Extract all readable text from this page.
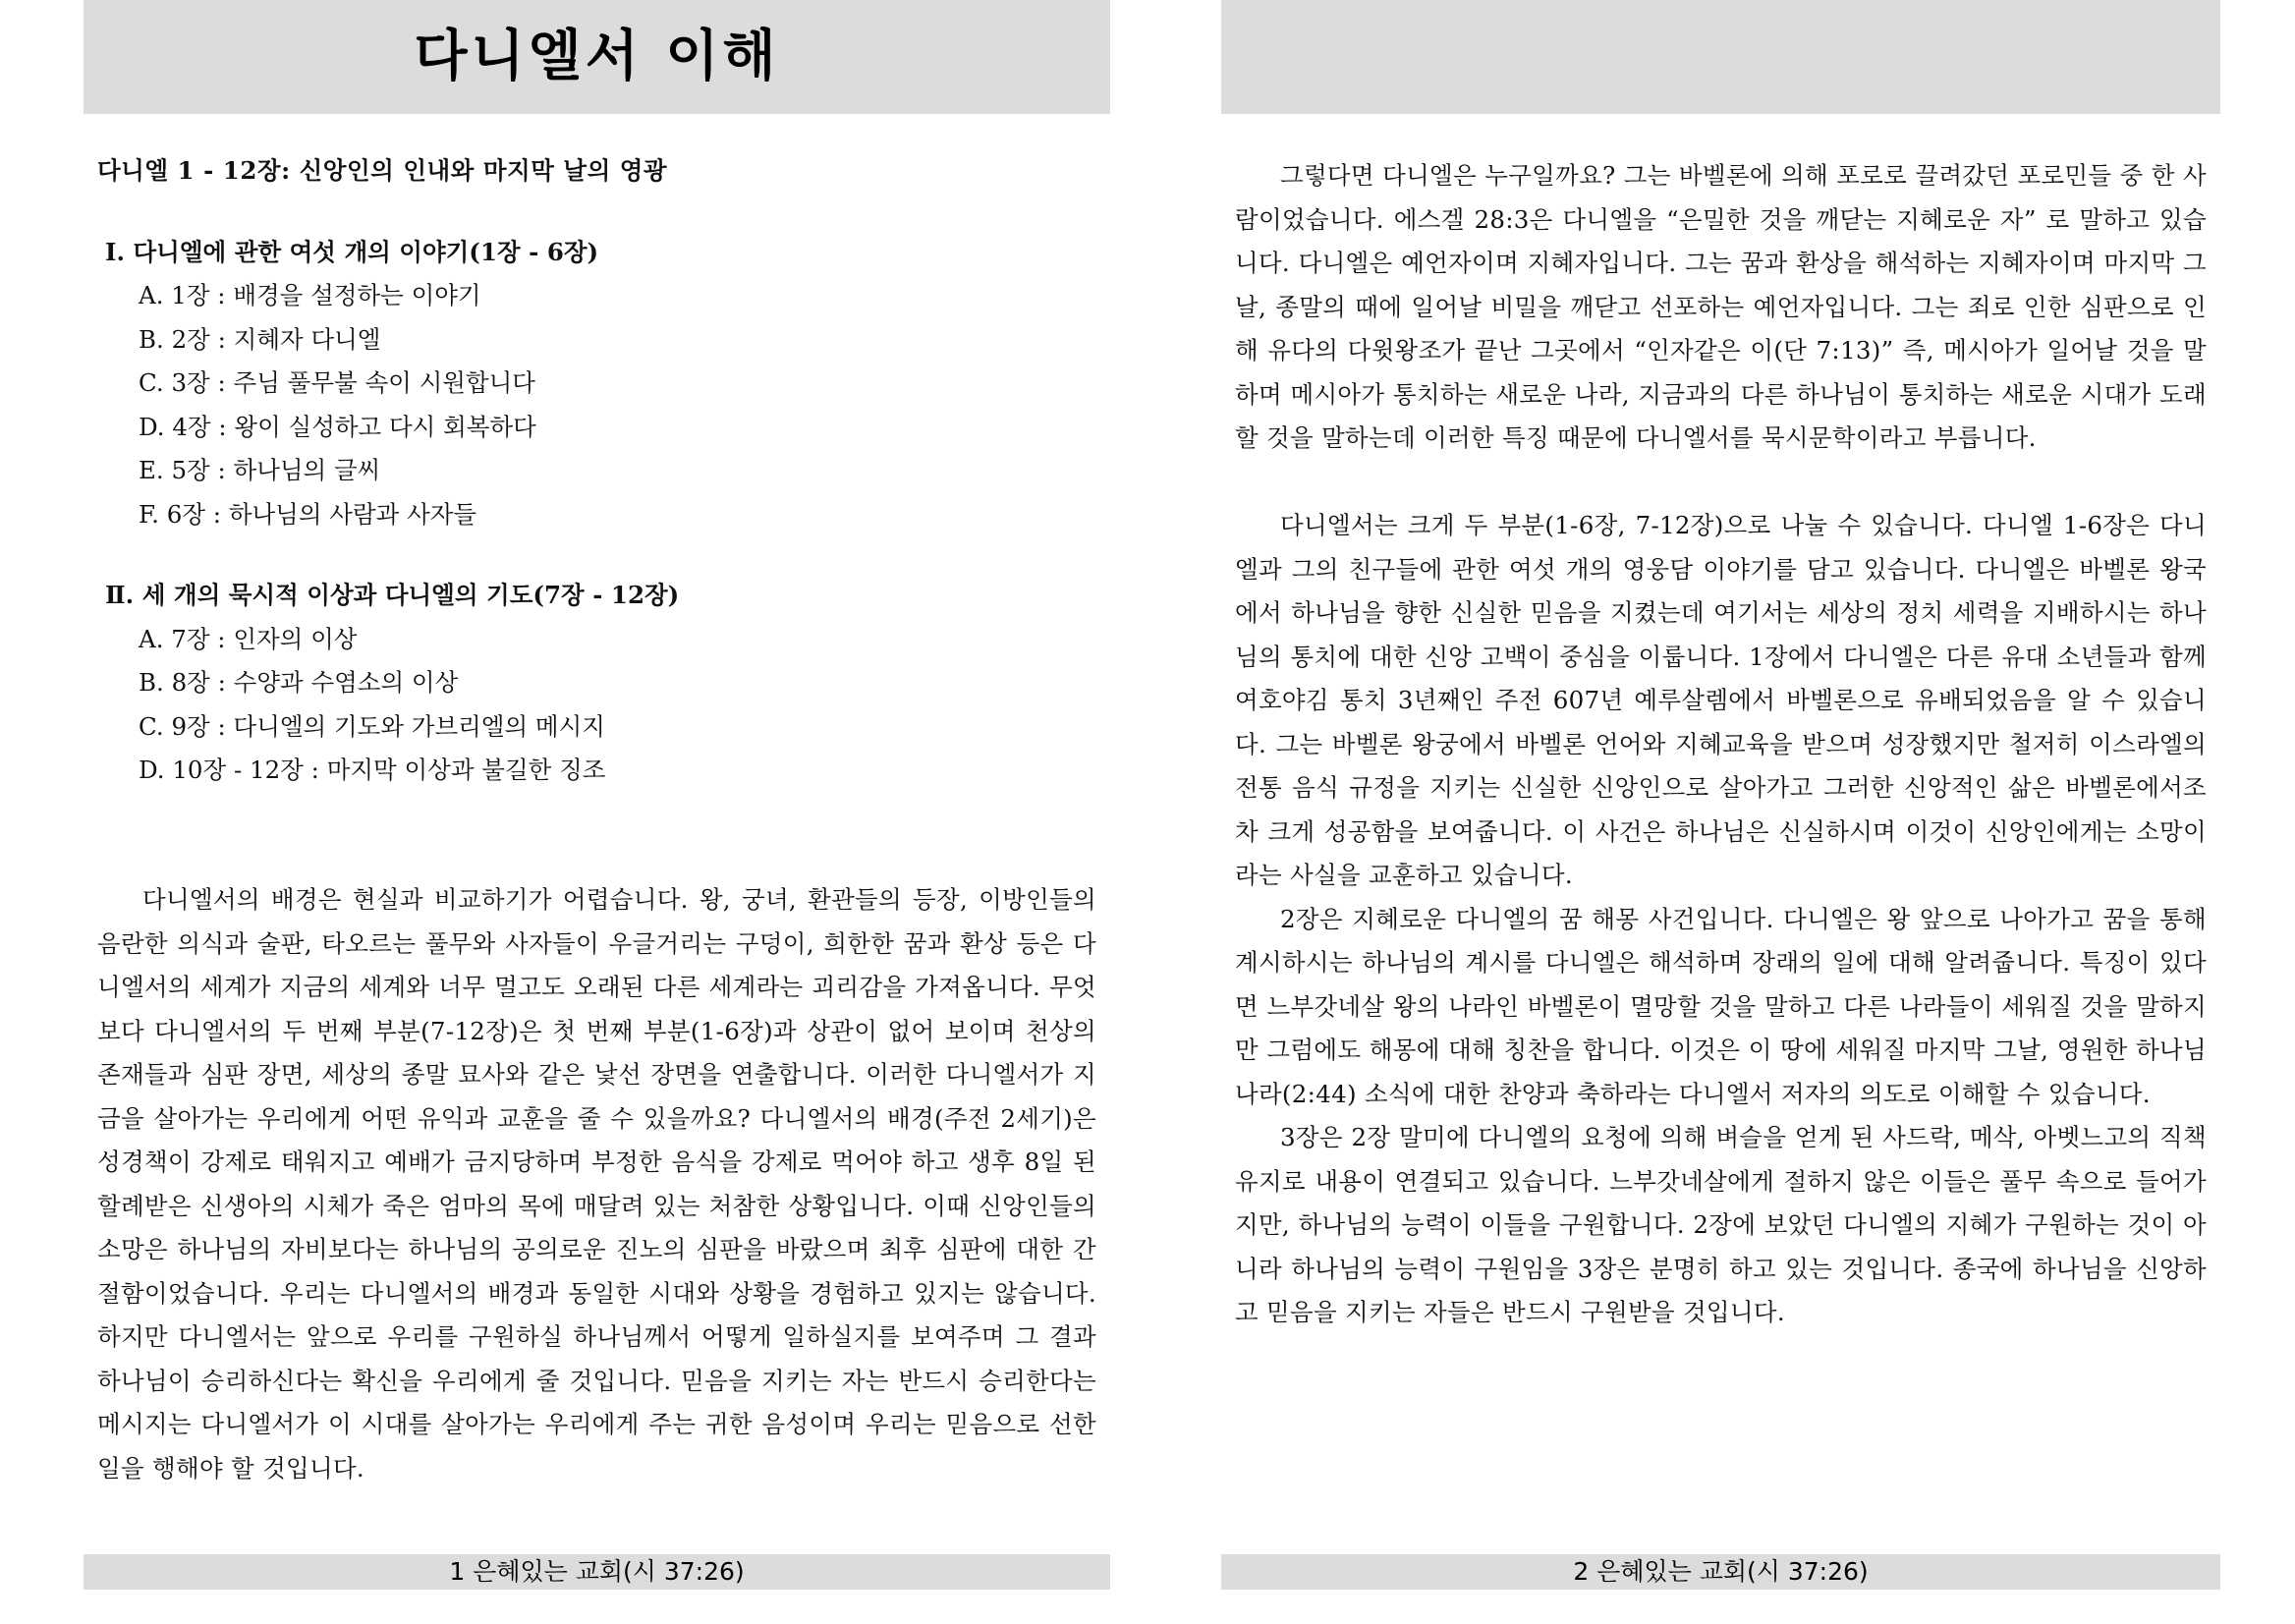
다니엘서 이해

다니엘 1 - 12장: 신앙인의 인내와 마지막 날의 영광

Ⅰ. 다니엘에 관한 여섯 개의 이야기(1장 - 6장)

A. 1장 : 배경을 설정하는 이야기
B. 2장 : 지혜자 다니엘
C. 3장 : 주님 풀무불 속이 시원합니다
D. 4장 : 왕이 실성하고 다시 회복하다
E. 5장 : 하나님의 글씨
F. 6장 : 하나님의 사람과 사자들

Ⅱ. 세 개의 묵시적 이상과 다니엘의 기도(7장 - 12장)

A. 7장 : 인자의 이상
B. 8장 : 수양과 수염소의 이상
C. 9장 : 다니엘의 기도와 가브리엘의 메시지
D. 10장 - 12장 : 마지막 이상과 불길한 징조

다니엘서의 배경은 현실과 비교하기가 어렵습니다. 왕, 궁녀, 환관들의 등장, 이방인들의 음란한 의식과 술판, 타오르는 풀무와 사자들이 우글거리는 구덩이, 희한한 꿈과 환상 등은 다니엘서의 세계가 지금의 세계와 너무 멀고도 오래된 다른 세계라는 괴리감을 가져옵니다. 무엇보다 다니엘서의 두 번째 부분(7-12장)은 첫 번째 부분(1-6장)과 상관이 없어 보이며 천상의 존재들과 심판 장면, 세상의 종말 묘사와 같은 낯선 장면을 연출합니다. 이러한 다니엘서가 지금을 살아가는 우리에게 어떤 유익과 교훈을 줄 수 있을까요? 다니엘서의 배경(주전 2세기)은 성경책이 강제로 태워지고 예배가 금지당하며 부정한 음식을 강제로 먹어야 하고 생후 8일 된 할례받은 신생아의 시체가 죽은 엄마의 목에 매달려 있는 처참한 상황입니다. 이때 신앙인들의 소망은 하나님의 자비보다는 하나님의 공의로운 진노의 심판을 바랐으며 최후 심판에 대한 간절함이었습니다. 우리는 다니엘서의 배경과 동일한 시대와 상황을 경험하고 있지는 않습니다. 하지만 다니엘서는 앞으로 우리를 구원하실 하나님께서 어떻게 일하실지를 보여주며 그 결과 하나님이 승리하신다는 확신을 우리에게 줄 것입니다. 믿음을 지키는 자는 반드시 승리한다는 메시지는 다니엘서가 이 시대를 살아가는 우리에게 주는 귀한 음성이며 우리는 믿음으로 선한 일을 행해야 할 것입니다.

1 은혜있는 교회(시 37:26)

그렇다면 다니엘은 누구일까요? 그는 바벨론에 의해 포로로 끌려갔던 포로민들 중 한 사람이었습니다. 에스겔 28:3은 다니엘을 “은밀한 것을 깨닫는 지혜로운 자” 로 말하고 있습니다. 다니엘은 예언자이며 지혜자입니다. 그는 꿈과 환상을 해석하는 지혜자이며 마지막 그날, 종말의 때에 일어날 비밀을 깨닫고 선포하는 예언자입니다. 그는 죄로 인한 심판으로 인해 유다의 다윗왕조가 끝난 그곳에서 “인자같은 이(단 7:13)” 즉, 메시아가 일어날 것을 말하며 메시아가 통치하는 새로운 나라, 지금과의 다른 하나님이 통치하는 새로운 시대가 도래할 것을 말하는데 이러한 특징 때문에 다니엘서를 묵시문학이라고 부릅니다.

다니엘서는 크게 두 부분(1-6장, 7-12장)으로 나눌 수 있습니다. 다니엘 1-6장은 다니엘과 그의 친구들에 관한 여섯 개의 영웅담 이야기를 담고 있습니다. 다니엘은 바벨론 왕국에서 하나님을 향한 신실한 믿음을 지켰는데 여기서는 세상의 정치 세력을 지배하시는 하나님의 통치에 대한 신앙 고백이 중심을 이룹니다. 1장에서 다니엘은 다른 유대 소년들과 함께 여호야김 통치 3년째인 주전 607년 예루살렘에서 바벨론으로 유배되었음을 알 수 있습니다. 그는 바벨론 왕궁에서 바벨론 언어와 지혜교육을 받으며 성장했지만 철저히 이스라엘의 전통 음식 규정을 지키는 신실한 신앙인으로 살아가고 그러한 신앙적인 삶은 바벨론에서조차 크게 성공함을 보여줍니다. 이 사건은 하나님은 신실하시며 이것이 신앙인에게는 소망이라는 사실을 교훈하고 있습니다.

2장은 지혜로운 다니엘의 꿈 해몽 사건입니다. 다니엘은 왕 앞으로 나아가고 꿈을 통해 계시하시는 하나님의 계시를 다니엘은 해석하며 장래의 일에 대해 알려줍니다. 특징이 있다면 느부갓네살 왕의 나라인 바벨론이 멸망할 것을 말하고 다른 나라들이 세워질 것을 말하지만 그럼에도 해몽에 대해 칭찬을 합니다. 이것은 이 땅에 세워질 마지막 그날, 영원한 하나님 나라(2:44) 소식에 대한 찬양과 축하라는 다니엘서 저자의 의도로 이해할 수 있습니다.

3장은 2장 말미에 다니엘의 요청에 의해 벼슬을 얻게 된 사드락, 메삭, 아벳느고의 직책 유지로 내용이 연결되고 있습니다. 느부갓네살에게 절하지 않은 이들은 풀무 속으로 들어가지만, 하나님의 능력이 이들을 구원합니다. 2장에 보았던 다니엘의 지혜가 구원하는 것이 아니라 하나님의 능력이 구원임을 3장은 분명히 하고 있는 것입니다. 종국에 하나님을 신앙하고 믿음을 지키는 자들은 반드시 구원받을 것입니다.

2 은혜있는 교회(시 37:26)
